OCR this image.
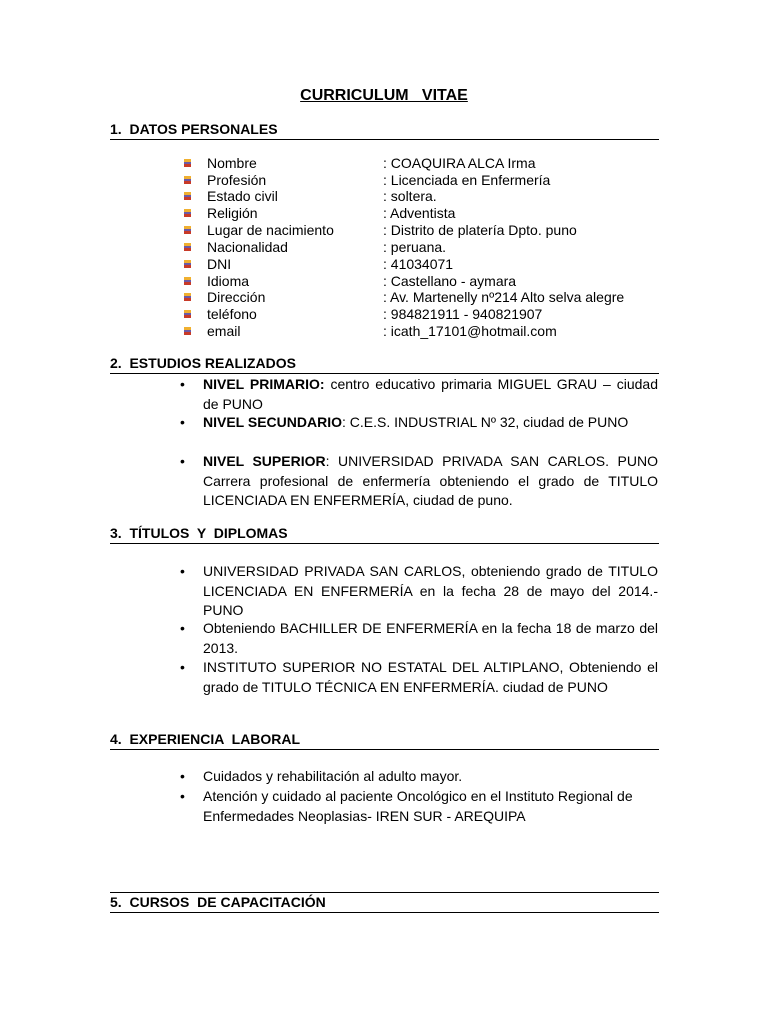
CURRICULUM   VITAE
1. DATOS PERSONALES
Nombre	: COAQUIRA ALCA Irma
Profesión	: Licenciada en Enfermería
Estado civil	: soltera.
Religión	: Adventista
Lugar de nacimiento	: Distrito de platería Dpto. puno
Nacionalidad	: peruana.
DNI	: 41034071
Idioma	: Castellano - aymara
Dirección	: Av. Martenelly nº214 Alto selva alegre
teléfono	: 984821911 - 940821907
email	: icath_17101@hotmail.com
2. ESTUDIOS REALIZADOS
• NIVEL PRIMARIO: centro educativo primaria MIGUEL GRAU – ciudad de PUNO
• NIVEL SECUNDARIO: C.E.S. INDUSTRIAL Nº 32, ciudad de PUNO
• NIVEL SUPERIOR: UNIVERSIDAD PRIVADA SAN CARLOS. PUNO Carrera profesional de enfermería obteniendo el grado de TITULO LICENCIADA EN ENFERMERÍA, ciudad de puno.
3. TÍTULOS  Y  DIPLOMAS
• UNIVERSIDAD PRIVADA SAN CARLOS, obteniendo grado de TITULO LICENCIADA EN ENFERMERÍA en la fecha 28 de mayo del 2014.- PUNO
• Obteniendo BACHILLER DE ENFERMERÍA en la fecha 18 de marzo del 2013.
• INSTITUTO SUPERIOR NO ESTATAL DEL ALTIPLANO, Obteniendo el grado de TITULO TÉCNICA EN ENFERMERÍA. ciudad de PUNO
4. EXPERIENCIA  LABORAL
• Cuidados y rehabilitación al adulto mayor.
• Atención y cuidado al paciente Oncológico en el Instituto Regional de Enfermedades Neoplasias- IREN SUR - AREQUIPA
5. CURSOS  DE CAPACITACIÓN
